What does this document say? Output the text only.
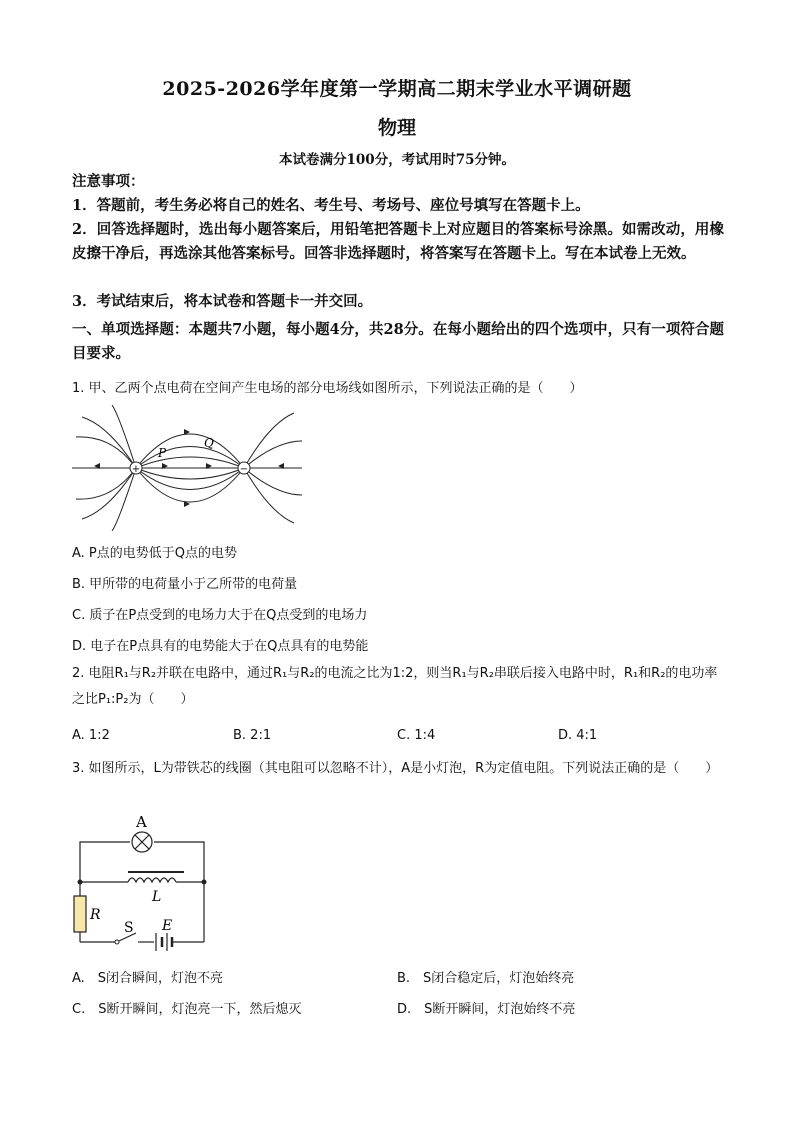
2025-2026学年度第一学期高二期末学业水平调研题
物理
本试卷满分100分，考试用时75分钟。
注意事项：
1．答题前，考生务必将自己的姓名、考生号、考场号、座位号填写在答题卡上。
2．回答选择题时，选出每小题答案后，用铅笔把答题卡上对应题目的答案标号涂黑。如需改动，用橡皮擦干净后，再选涂其他答案标号。回答非选择题时，将答案写在答题卡上。写在本试卷上无效。
3．考试结束后，将本试卷和答题卡一并交回。
一、单项选择题：本题共7小题，每小题4分，共28分。在每小题给出的四个选项中，只有一项符合题目要求。
1. 甲、乙两个点电荷在空间产生电场的部分电场线如图所示，下列说法正确的是（　　）
+	−
P
Q
A. P点的电势低于Q点的电势
B. 甲所带的电荷量小于乙所带的电荷量
C. 质子在P点受到的电场力大于在Q点受到的电场力
D. 电子在P点具有的电势能大于在Q点具有的电势能
2. 电阻R₁与R₂并联在电路中，通过R₁与R₂的电流之比为1:2，则当R₁与R₂串联后接入电路中时，R₁和R₂的电功率之比P₁:P₂为（　　）
A. 1:2	B. 2:1	C. 1:4	D. 4:1
3. 如图所示，L为带铁芯的线圈（其电阻可以忽略不计），A是小灯泡，R为定值电阻。下列说法正确的是（　　）
A
L
R
S E
A.　S闭合瞬间，灯泡不亮	B.　S闭合稳定后，灯泡始终亮
C.　S断开瞬间，灯泡亮一下，然后熄灭	D.　S断开瞬间，灯泡始终不亮
